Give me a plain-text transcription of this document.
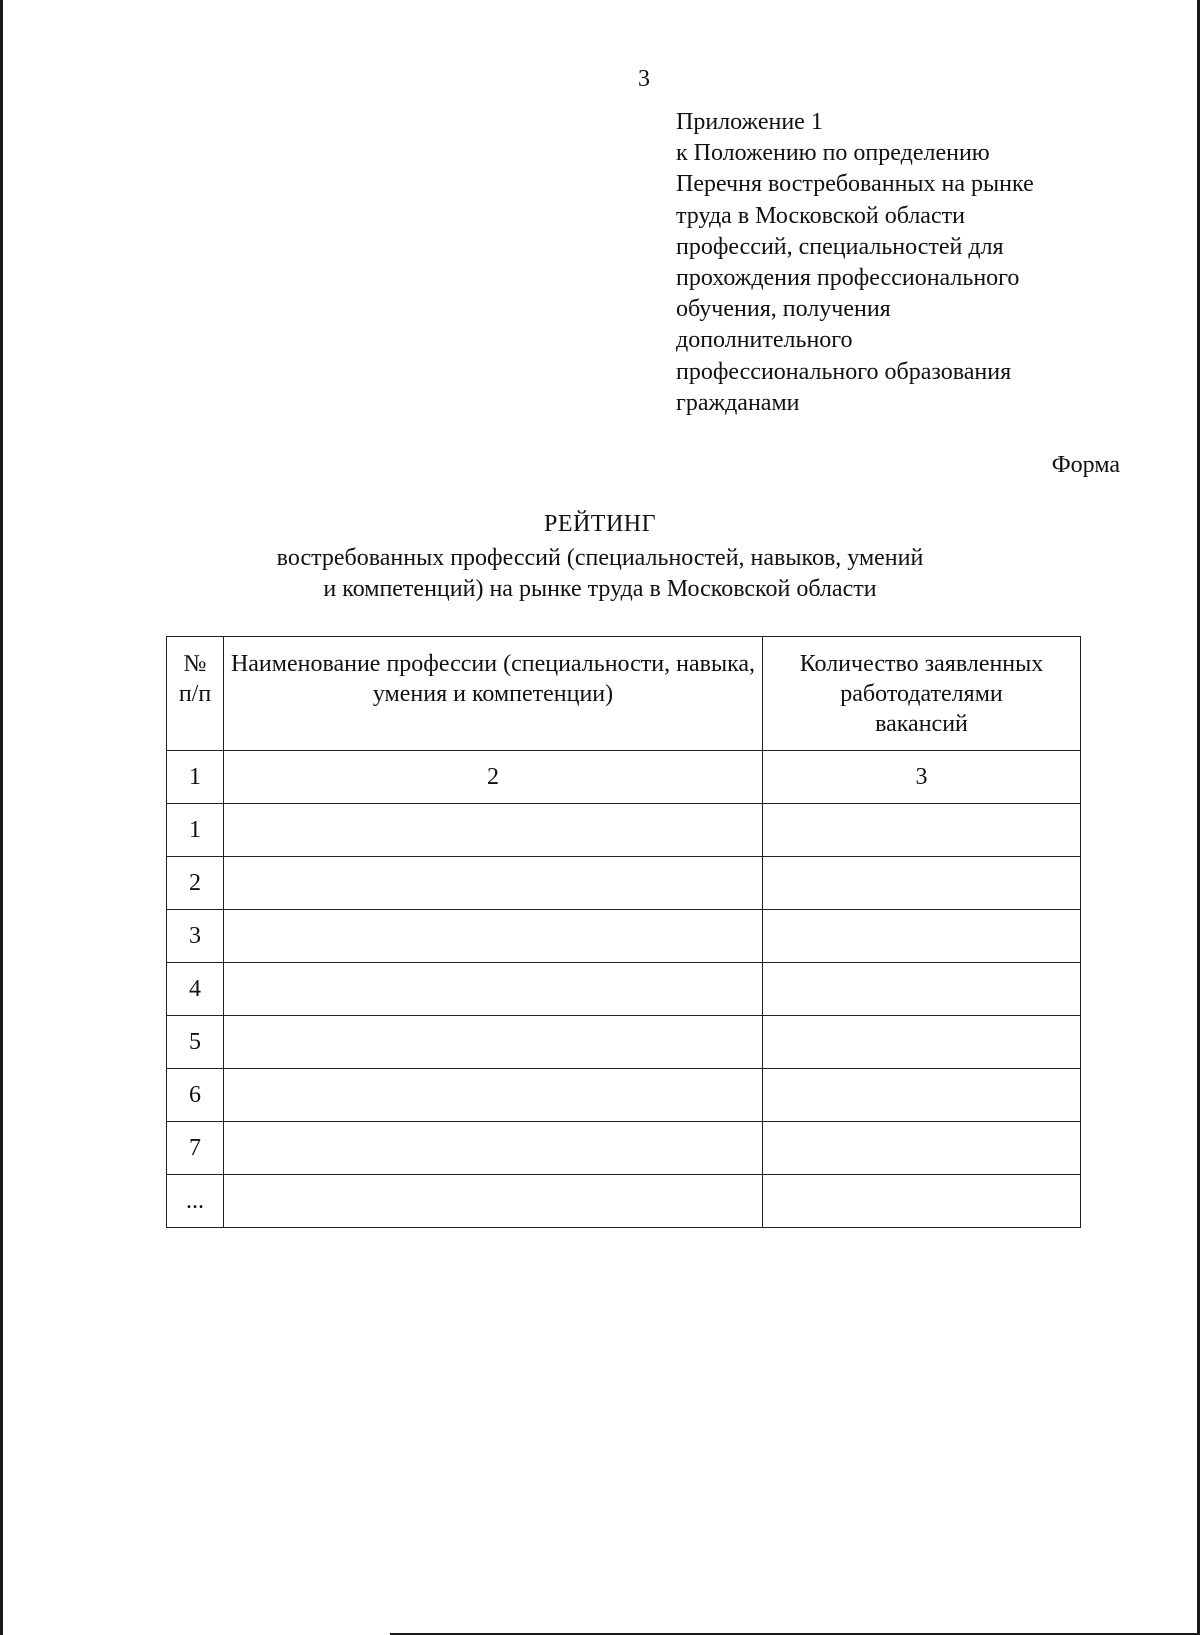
3
Приложение 1
к Положению по определению
Перечня востребованных на рынке
труда в Московской области
профессий, специальностей для
прохождения профессионального
обучения, получения
дополнительного
профессионального образования
гражданами
Форма
РЕЙТИНГ
востребованных профессий (специальностей, навыков, умений
и компетенций) на рынке труда в Московской области
№
п/п	Наименование профессии (специальности, навыка, умения и компетенции)	Количество заявленных работодателями вакансий
1	2	3
1		
2		
3		
4		
5		
6		
7		
...		
